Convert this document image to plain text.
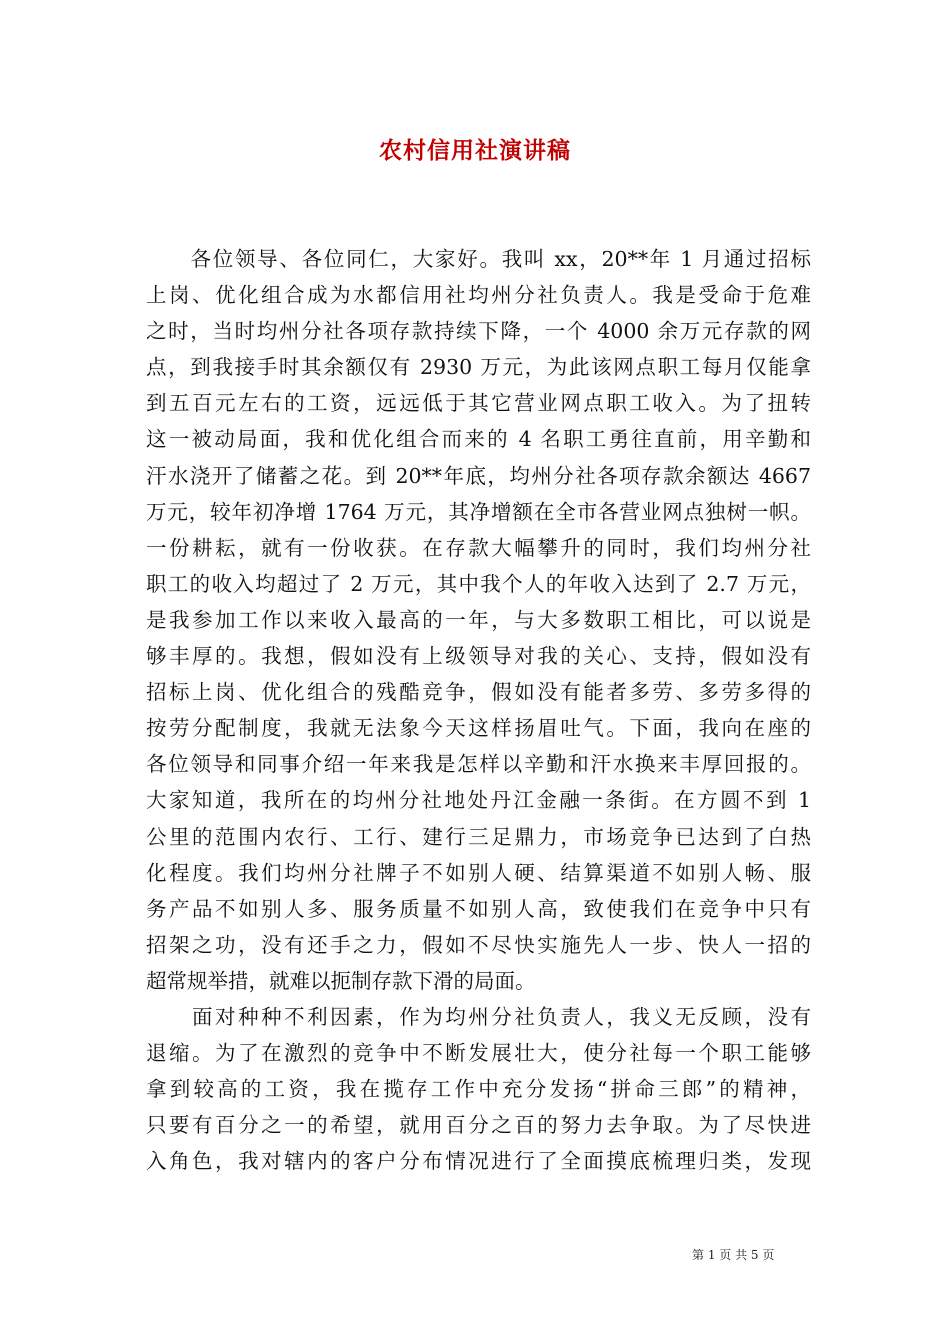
农村信用社演讲稿
　　各位领导、各位同仁，大家好。我叫 xx，20**年 1 月通过招标
上岗、优化组合成为水都信用社均州分社负责人。我是受命于危难
之时，当时均州分社各项存款持续下降，一个 4000 余万元存款的网
点，到我接手时其余额仅有 2930 万元，为此该网点职工每月仅能拿
到五百元左右的工资，远远低于其它营业网点职工收入。为了扭转
这一被动局面，我和优化组合而来的 4 名职工勇往直前，用辛勤和
汗水浇开了储蓄之花。到 20**年底，均州分社各项存款余额达 4667
万元，较年初净增 1764 万元，其净增额在全市各营业网点独树一帜。
一份耕耘，就有一份收获。在存款大幅攀升的同时，我们均州分社
职工的收入均超过了 2 万元，其中我个人的年收入达到了 2.7 万元，
是我参加工作以来收入最高的一年，与大多数职工相比，可以说是
够丰厚的。我想，假如没有上级领导对我的关心、支持，假如没有
招标上岗、优化组合的残酷竞争，假如没有能者多劳、多劳多得的
按劳分配制度，我就无法象今天这样扬眉吐气。下面，我向在座的
各位领导和同事介绍一年来我是怎样以辛勤和汗水换来丰厚回报的。
大家知道，我所在的均州分社地处丹江金融一条街。在方圆不到 1
公里的范围内农行、工行、建行三足鼎力，市场竞争已达到了白热
化程度。我们均州分社牌子不如别人硬、结算渠道不如别人畅、服
务产品不如别人多、服务质量不如别人高，致使我们在竞争中只有
招架之功，没有还手之力，假如不尽快实施先人一步、快人一招的
超常规举措，就难以扼制存款下滑的局面。
　　面对种种不利因素，作为均州分社负责人，我义无反顾，没有
退缩。为了在激烈的竞争中不断发展壮大，使分社每一个职工能够
拿到较高的工资，我在揽存工作中充分发扬“拼命三郎”的精神，
只要有百分之一的希望，就用百分之百的努力去争取。为了尽快进
入角色，我对辖内的客户分布情况进行了全面摸底梳理归类，发现
第 1 页 共 5 页
